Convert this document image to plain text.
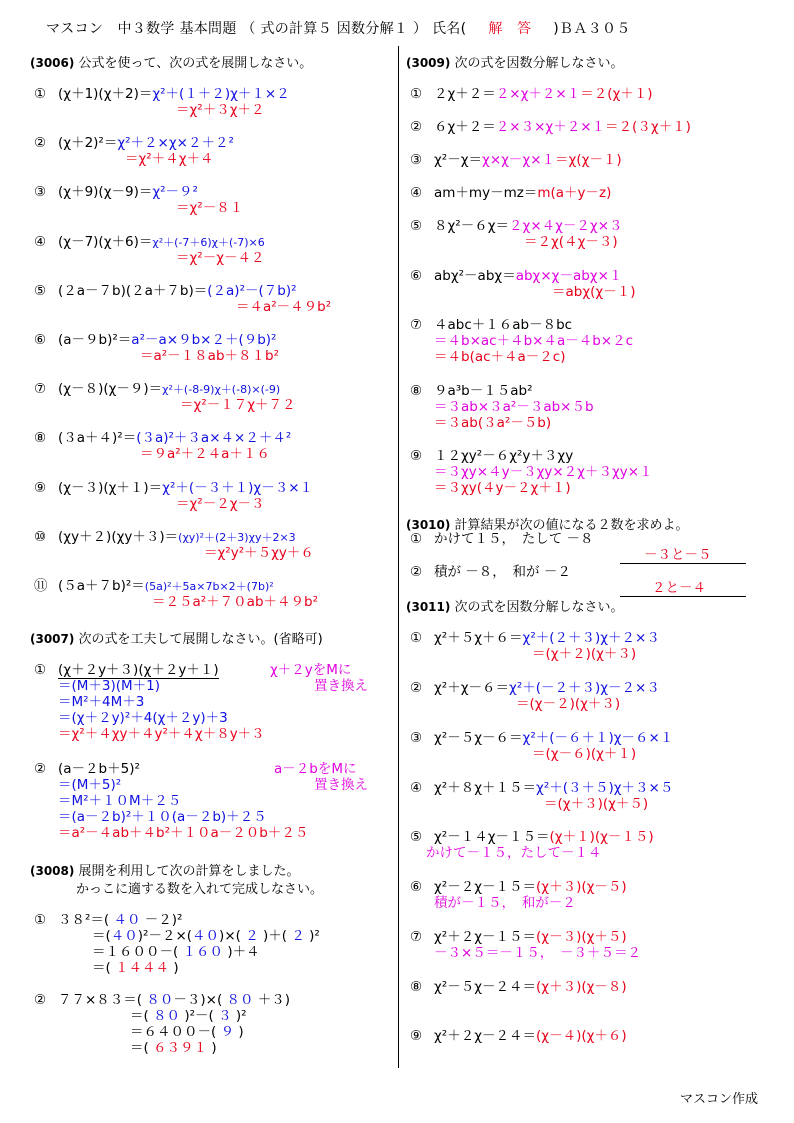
マスコン　中３数学 基本問題 （ 式の計算５ 因数分解１ ） 氏名( 解　答 )ＢＡ３０５
(3006) 公式を使って、次の式を展開しなさい。
① (χ＋1)(χ＋2)＝χ²＋(１＋２)χ＋１×２
＝χ²＋３χ＋２
② (χ＋2)²＝χ²＋２×χ×２＋２²
＝χ²＋４χ＋４
③ (χ＋9)(χ－9)＝χ²－９²
＝χ²－８１
④ (χ－7)(χ＋6)＝χ²＋(-7＋6)χ＋(-7)×6
＝χ²－χ－４２
⑤ (２a－７b)(２a＋７b)＝(２a)²－(７b)²
＝４a²－４９b²
⑥ (a－９b)²＝a²－a×９b×２＋(９b)²
＝a²－１８ab＋８１b²
⑦ (χ－８)(χ－９)＝χ²＋(-8-9)χ＋(-8)×(-9)
＝χ²－１７χ＋７２
⑧ (３a＋４)²＝(３a)²＋３a×４×２＋４²
＝９a²＋２４a＋１６
⑨ (χ－３)(χ＋１)＝χ²＋(－３＋１)χ－３×１
＝χ²－２χ－３
⑩ (χy＋２)(χy＋３)＝(χy)²＋(2＋3)χy＋2×3
＝χ²y²＋５χy＋６
⑪ (５a＋７b)²＝(5a)²＋5a×7b×2＋(7b)²
＝２５a²＋７０ab＋４９b²
(3007) 次の式を工夫して展開しなさい。(省略可)
① (χ＋２y＋３)(χ＋２y＋１)	χ＋２yをMに
置き換え
＝(M＋3)(M＋1)
＝M²＋4M＋3
＝(χ＋２y)²＋4(χ＋２y)＋3
＝χ²＋４χy＋４y²＋４χ＋８y＋３
② (a－２b＋5)²	a－２bをMに
置き換え
＝(M＋5)²
＝M²＋１０M＋２５
＝(a－２b)²＋１０(a－２b)＋２５
＝a²－４ab＋４b²＋１０a－２０b＋２５
(3008) 展開を利用して次の計算をしました。
かっこに適する数を入れて完成しなさい。
① ３８²＝( ４０ －２)²
＝(４０)²－２×(４０)×( ２ )＋( ２ )²
＝１６００－( １６０ )＋４
＝( １４４４ )
② ７７×８３＝( ８０－３)×( ８０ ＋３)
＝( ８０ )²－( ３ )²
＝６４００－( ９ )
＝( ６３９１ )
(3009) 次の式を因数分解しなさい。
① ２χ＋２＝２×χ＋２×１＝２(χ＋１)
② ６χ＋２＝２×３×χ＋２×１＝２(３χ＋１)
③ χ²－χ＝χ×χ－χ×１＝χ(χ－１)
④ am＋my－mz＝m(a＋y－z)
⑤ ８χ²－６χ＝２χ×４χ－２χ×３
＝２χ(４χ－３)
⑥ abχ²－abχ＝abχ×χ－abχ×１
＝abχ(χ－１)
⑦ ４abc＋１６ab－８bc
＝４b×ac＋４b×４a－４b×２c
＝４b(ac＋４a－２c)
⑧ ９a³b－１５ab²
＝３ab×３a²－３ab×５b
＝３ab(３a²－５b)
⑨ １２χy²－６χ²y＋３χy
＝３χy×４y－３χy×２χ＋３χy×１
＝３χy(４y－２χ＋１)
(3010) 計算結果が次の値になる２数を求めよ。
① かけて１５，　たして －８
－３と－５
② 積が －８，　和が －２
２と－４
(3011) 次の式を因数分解しなさい。
① χ²＋５χ＋６＝χ²＋(２＋３)χ＋２×３
＝(χ＋２)(χ＋３)
② χ²＋χ－６＝χ²＋(－２＋３)χ－２×３
＝(χ－２)(χ＋３)
③ χ²－５χ－６＝χ²＋(－６＋１)χ－６×１
＝(χ－６)(χ＋１)
④ χ²＋８χ＋１５＝χ²＋(３＋５)χ＋３×５
＝(χ＋３)(χ＋５)
⑤ χ²－１４χ－１５＝(χ＋１)(χ－１５)
かけて－１５，たして－１４
⑥ χ²－２χ－１５＝(χ＋３)(χ－５)
積が－１５，　和が－２
⑦ χ²＋２χ－１５＝(χ－３)(χ＋５)
－３×５＝－１５，　－３＋５＝２
⑧ χ²－５χ－２４＝(χ＋３)(χ－８)
⑨ χ²＋２χ－２４＝(χ－４)(χ＋６)
マスコン作成
